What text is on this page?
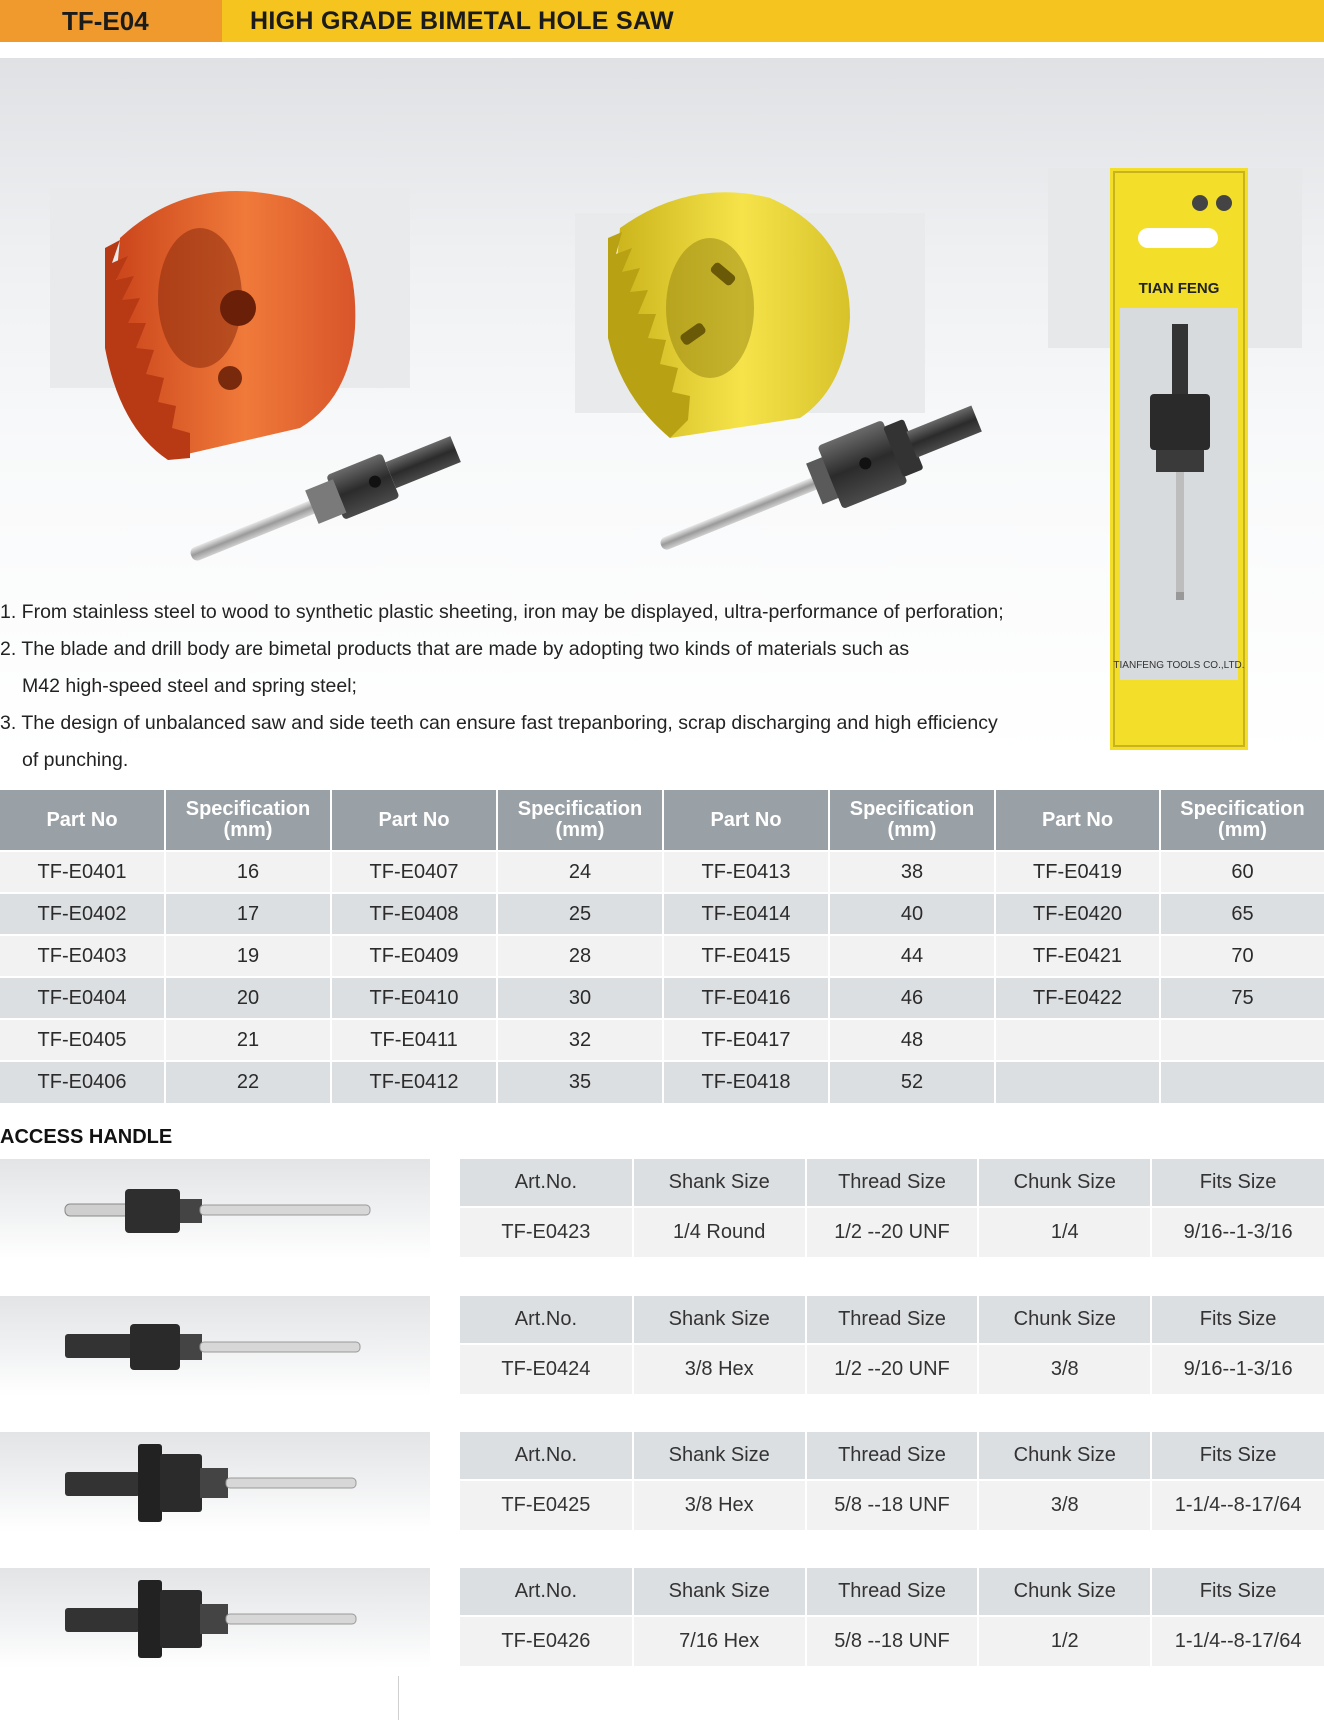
TF-E04	HIGH GRADE BIMETAL HOLE SAW
TIAN FENG
TIANFENG TOOLS CO.,LTD.

1. From stainless steel to wood to synthetic plastic sheeting, iron may be displayed, ultra-performance of perforation;

2. The blade and drill body are bimetal products that are made by adopting two kinds of materials such as

M42 high-speed steel and spring steel;

3. The design of unbalanced saw and side teeth can ensure fast trepanboring, scrap discharging and high efficiency

of punching.

Part No	Specification (mm)	Part No	Specification (mm)	Part No	Specification (mm)	Part No	Specification (mm)
TF-E0401	16	TF-E0407	24	TF-E0413	38	TF-E0419	60
TF-E0402	17	TF-E0408	25	TF-E0414	40	TF-E0420	65
TF-E0403	19	TF-E0409	28	TF-E0415	44	TF-E0421	70
TF-E0404	20	TF-E0410	30	TF-E0416	46	TF-E0422	75
TF-E0405	21	TF-E0411	32	TF-E0417	48		
TF-E0406	22	TF-E0412	35	TF-E0418	52		
ACCESS HANDLE
Art.No.	Shank Size	Thread Size	Chunk Size	Fits Size
TF-E0423	1/4 Round	1/2 --20 UNF	1/4	9/16--1-3/16
Art.No.	Shank Size	Thread Size	Chunk Size	Fits Size
TF-E0424	3/8 Hex	1/2 --20 UNF	3/8	9/16--1-3/16
Art.No.	Shank Size	Thread Size	Chunk Size	Fits Size
TF-E0425	3/8 Hex	5/8 --18 UNF	3/8	1-1/4--8-17/64
Art.No.	Shank Size	Thread Size	Chunk Size	Fits Size
TF-E0426	7/16 Hex	5/8 --18 UNF	1/2	1-1/4--8-17/64
